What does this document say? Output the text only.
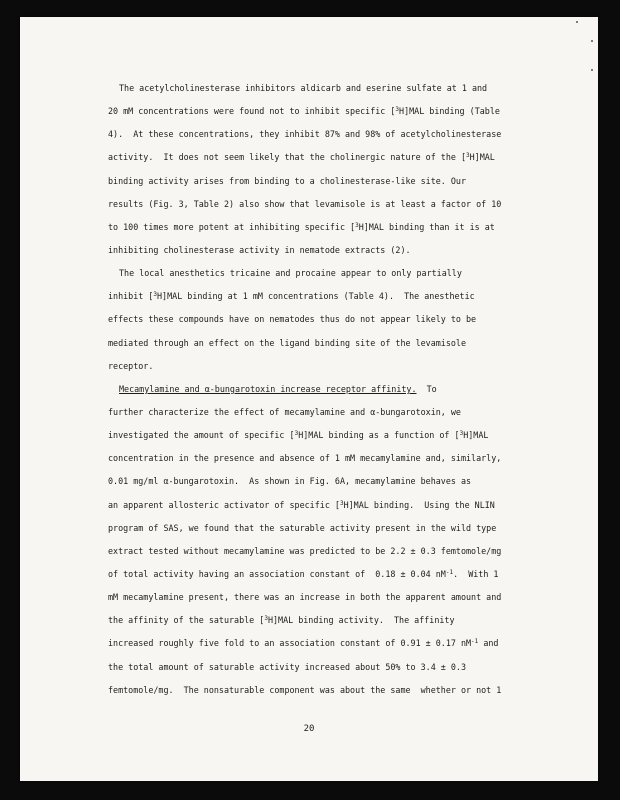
The acetylcholinesterase inhibitors aldicarb and eserine sulfate at 1 and
20 mM concentrations were found not to inhibit specific [$^3$H]MAL binding (Table
4).  At these concentrations, they inhibit 87% and 98% of acetylcholinesterase
activity.  It does not seem likely that the cholinergic nature of the [$^3$H]MAL
binding activity arises from binding to a cholinesterase-like site. Our
results (Fig. 3, Table 2) also show that levamisole is at least a factor of 10
to 100 times more potent at inhibiting specific [$^3$H]MAL binding than it is at
inhibiting cholinesterase activity in nematode extracts (2).
The local anesthetics tricaine and procaine appear to only partially
inhibit [$^3$H]MAL binding at 1 mM concentrations (Table 4).  The anesthetic
effects these compounds have on nematodes thus do not appear likely to be
mediated through an effect on the ligand binding site of the levamisole
receptor.
Mecamylamine and α-bungarotoxin increase receptor affinity.  To
further characterize the effect of mecamylamine and α-bungarotoxin, we
investigated the amount of specific [$^3$H]MAL binding as a function of [$^3$H]MAL
concentration in the presence and absence of 1 mM mecamylamine and, similarly,
0.01 mg/ml α-bungarotoxin.  As shown in Fig. 6A, mecamylamine behaves as
an apparent allosteric activator of specific [$^3$H]MAL binding.  Using the NLIN
program of SAS, we found that the saturable activity present in the wild type
extract tested without mecamylamine was predicted to be 2.2 ± 0.3 femtomole/mg
of total activity having an association constant of  0.18 ± 0.04 $nM^{-1}$.  With 1
mM mecamylamine present, there was an increase in both the apparent amount and
the affinity of the saturable [$^3$H]MAL binding activity.  The affinity
increased roughly five fold to an association constant of 0.91 ± 0.17 $nM^{-1}$ and
the total amount of saturable activity increased about 50% to 3.4 ± 0.3
femtomole/mg.  The nonsaturable component was about the same  whether or not 1
20
